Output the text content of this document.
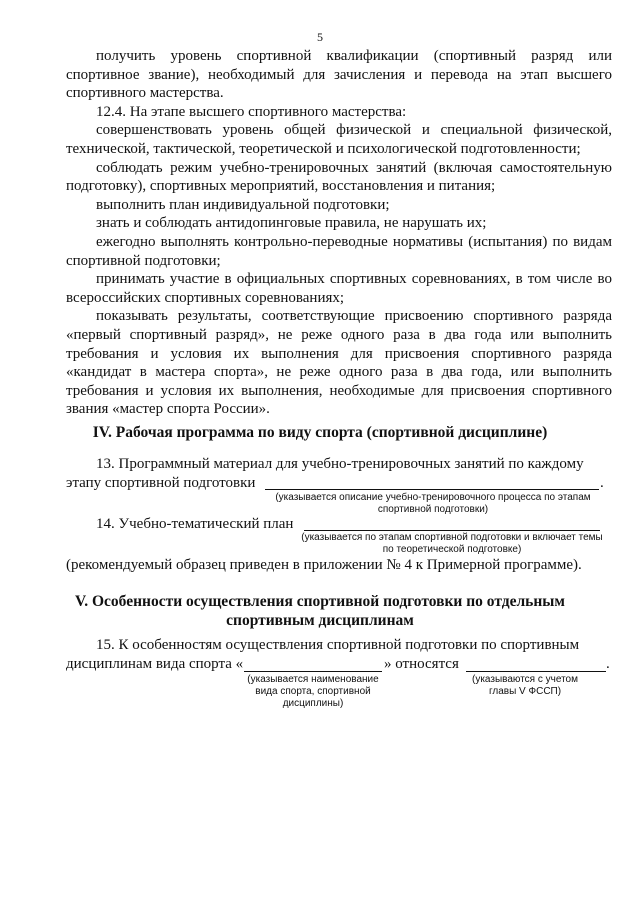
5

получить уровень спортивной квалификации (спортивный разряд или спортивное звание), необходимый для зачисления и перевода на этап высшего спортивного мастерства.

12.4. На этапе высшего спортивного мастерства:

совершенствовать уровень общей физической и специальной физической, технической, тактической, теоретической и психологической подготовленности;

соблюдать режим учебно-тренировочных занятий (включая самостоятельную подготовку), спортивных мероприятий, восстановления и питания;

выполнить план индивидуальной подготовки;

знать и соблюдать антидопинговые правила, не нарушать их;

ежегодно выполнять контрольно-переводные нормативы (испытания) по видам спортивной подготовки;

принимать участие в официальных спортивных соревнованиях, в том числе во всероссийских спортивных соревнованиях;

показывать результаты, соответствующие присвоению спортивного разряда «первый спортивный разряд», не реже одного раза в два года или выполнить требования и условия их выполнения для присвоения спортивного разряда «кандидат в мастера спорта», не реже одного раза в два года, или выполнить требования и условия их выполнения, необходимые для присвоения спортивного звания «мастер спорта России».

IV. Рабочая программа по виду спорта (спортивной дисциплине)
13. Программный материал для учебно-тренировочных занятий по каждому
этапу спортивной подготовки	.
(указывается описание учебно-тренировочного процесса по этапам спортивной подготовки)
14. Учебно-тематический план
(указывается по этапам спортивной подготовки и включает темы по теоретической подготовке)
(рекомендуемый образец приведен в приложении № 4 к Примерной программе).
V. Особенности осуществления спортивной подготовки по отдельным
спортивным дисциплинам
15. К особенностям осуществления спортивной подготовки по спортивным
дисциплинам вида спорта «	» относятся	.
(указывается наименование вида спорта, спортивной дисциплины)
(указываются с учетом главы V ФССП)
